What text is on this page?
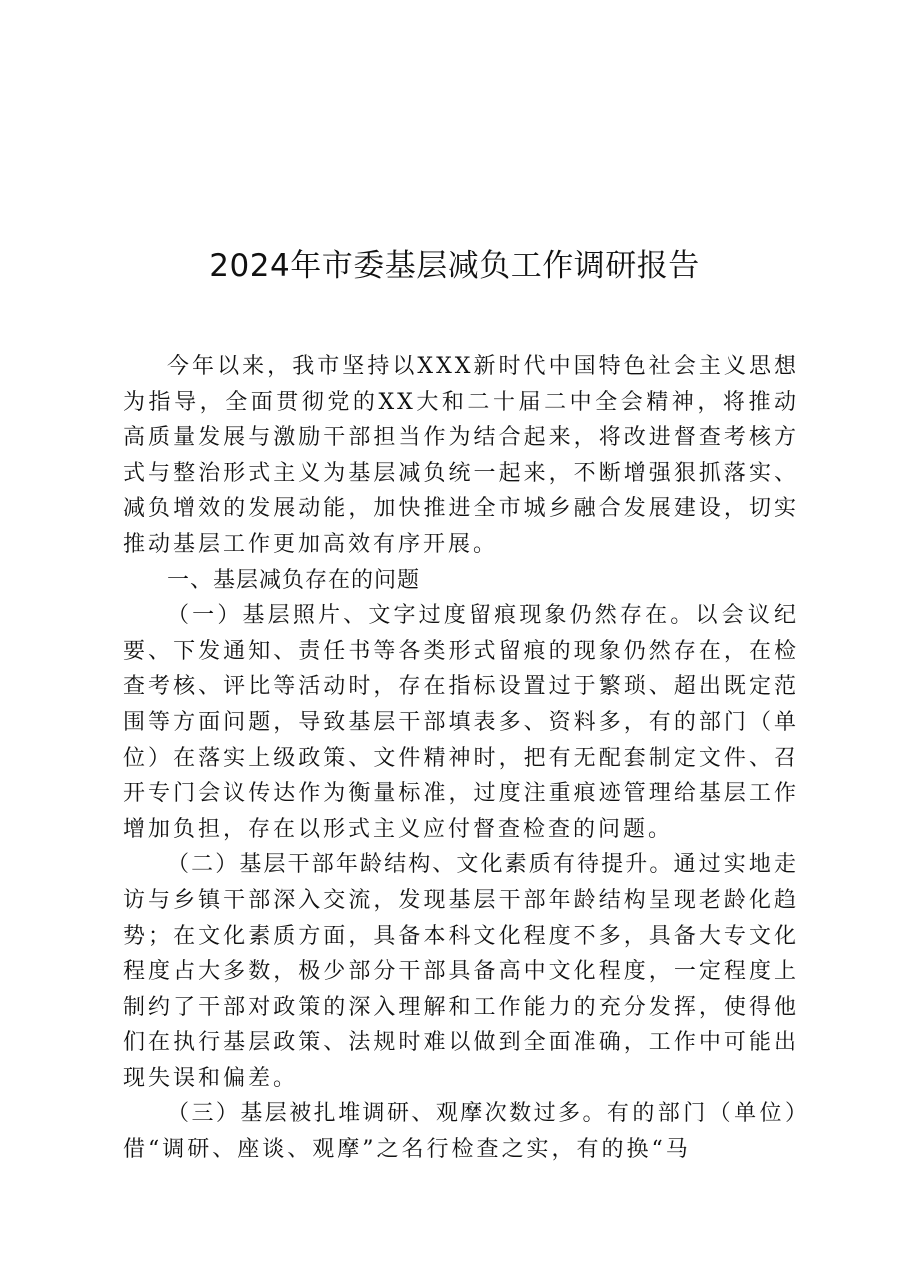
2024年市委基层减负工作调研报告

今年以来，我市坚持以XXX新时代中国特色社会主义思想为指导，全面贯彻党的XX大和二十届二中全会精神，将推动高质量发展与激励干部担当作为结合起来，将改进督查考核方式与整治形式主义为基层减负统一起来，不断增强狠抓落实、减负增效的发展动能，加快推进全市城乡融合发展建设，切实推动基层工作更加高效有序开展。

一、基层减负存在的问题

（一）基层照片、文字过度留痕现象仍然存在。以会议纪要、下发通知、责任书等各类形式留痕的现象仍然存在，在检查考核、评比等活动时，存在指标设置过于繁琐、超出既定范围等方面问题，导致基层干部填表多、资料多，有的部门（单位）在落实上级政策、文件精神时，把有无配套制定文件、召开专门会议传达作为衡量标准，过度注重痕迹管理给基层工作增加负担，存在以形式主义应付督查检查的问题。

（二）基层干部年龄结构、文化素质有待提升。通过实地走访与乡镇干部深入交流，发现基层干部年龄结构呈现老龄化趋势；在文化素质方面，具备本科文化程度不多，具备大专文化程度占大多数，极少部分干部具备高中文化程度，一定程度上制约了干部对政策的深入理解和工作能力的充分发挥，使得他们在执行基层政策、法规时难以做到全面准确，工作中可能出现失误和偏差。

（三）基层被扎堆调研、观摩次数过多。有的部门（单位）借“调研、座谈、观摩”之名行检查之实，有的换“马
